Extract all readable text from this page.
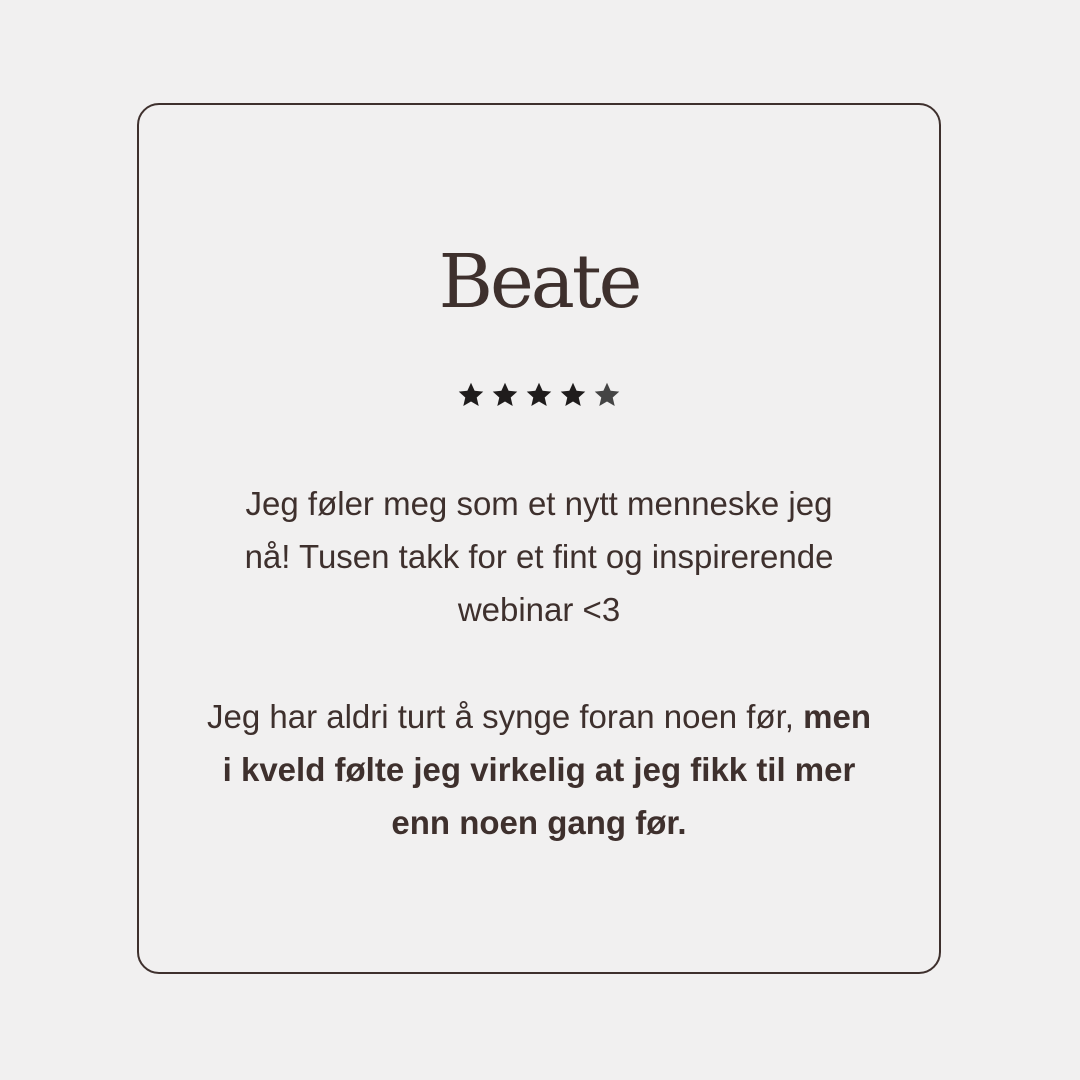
Beate
Jeg føler meg som et nytt menneske jeg nå! Tusen takk for et fint og inspirerende webinar <3
Jeg har aldri turt å synge foran noen før, men i kveld følte jeg virkelig at jeg fikk til mer enn noen gang før.
